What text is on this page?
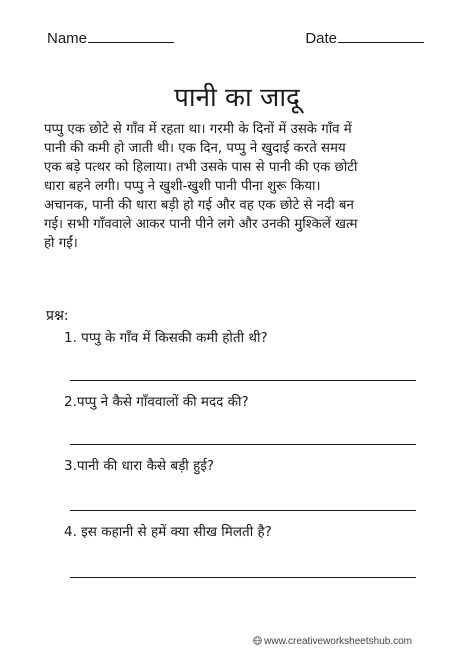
Name	Date
पानी का जादू
पप्पु एक छोटे से गाँव में रहता था। गरमी के दिनों में उसके गाँव में
पानी की कमी हो जाती थी। एक दिन, पप्पु ने खुदाई करते समय
एक बड़े पत्थर को हिलाया। तभी उसके पास से पानी की एक छोटी
धारा बहने लगी। पप्पु ने खुशी-खुशी पानी पीना शुरू किया।
अचानक, पानी की धारा बड़ी हो गई और वह एक छोटे से नदी बन
गई। सभी गाँववाले आकर पानी पीने लगे और उनकी मुश्किलें खत्म
हो गईं।
प्रश्न:
1. पप्पु के गाँव में किसकी कमी होती थी?
2.पप्पु ने कैसे गाँववालों की मदद की?
3.पानी की धारा कैसे बड़ी हुई?
4. इस कहानी से हमें क्या सीख मिलती है?
www.creativeworksheetshub.com
